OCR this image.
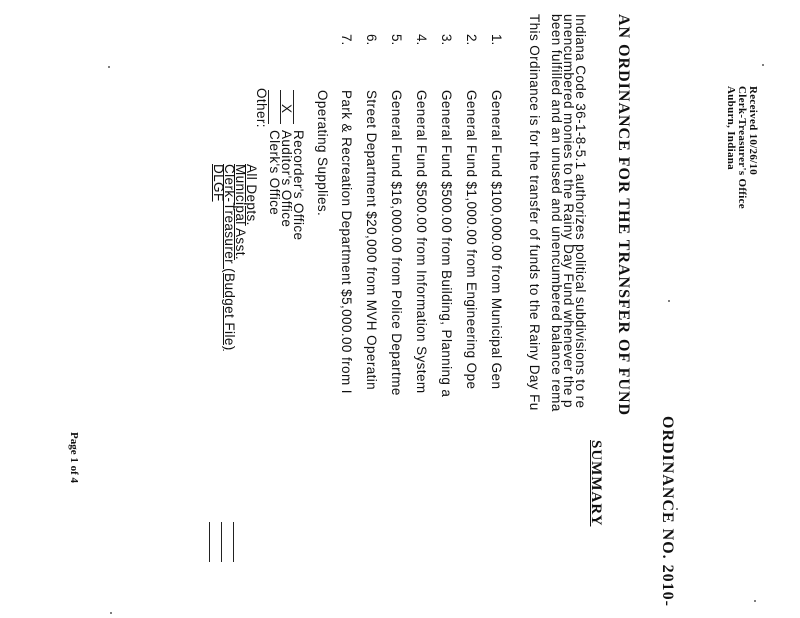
Received 10/26/10
Clerk-Treasurer's Office
Auburn, Indiana
ORDINANCE NO. 2010-
AN ORDINANCE FOR THE TRANSFER OF FUND
SUMMARY
Indiana Code 36-1-8-5.1 authorizes political subdivisions to re
unencumbered monies to the Rainy Day Fund whenever the p
been fulfilled and an unused and unencumbered balance rema
This Ordinance is for the transfer of funds to the Rainy Day Fu
1.General Fund $100,000.00 from Municipal Gen
2.General Fund $1,000.00 from Engineering Ope
3.General Fund $500.00 from Building, Planning a
4.General Fund $500.00 from Information System
5.General Fund $16,000.00 from Police Departme
6.Street Department $20,000 from MVH Operatin
7.Park & Recreation Department $5,000.00 from I
Operating Supplies.
Recorder's Office
X
Auditor's Office
Clerk's Office
Other:
All Depts.
Municipal Asst.
Clerk-Treasurer (Budget File)
DLGF
Page 1 of 4
